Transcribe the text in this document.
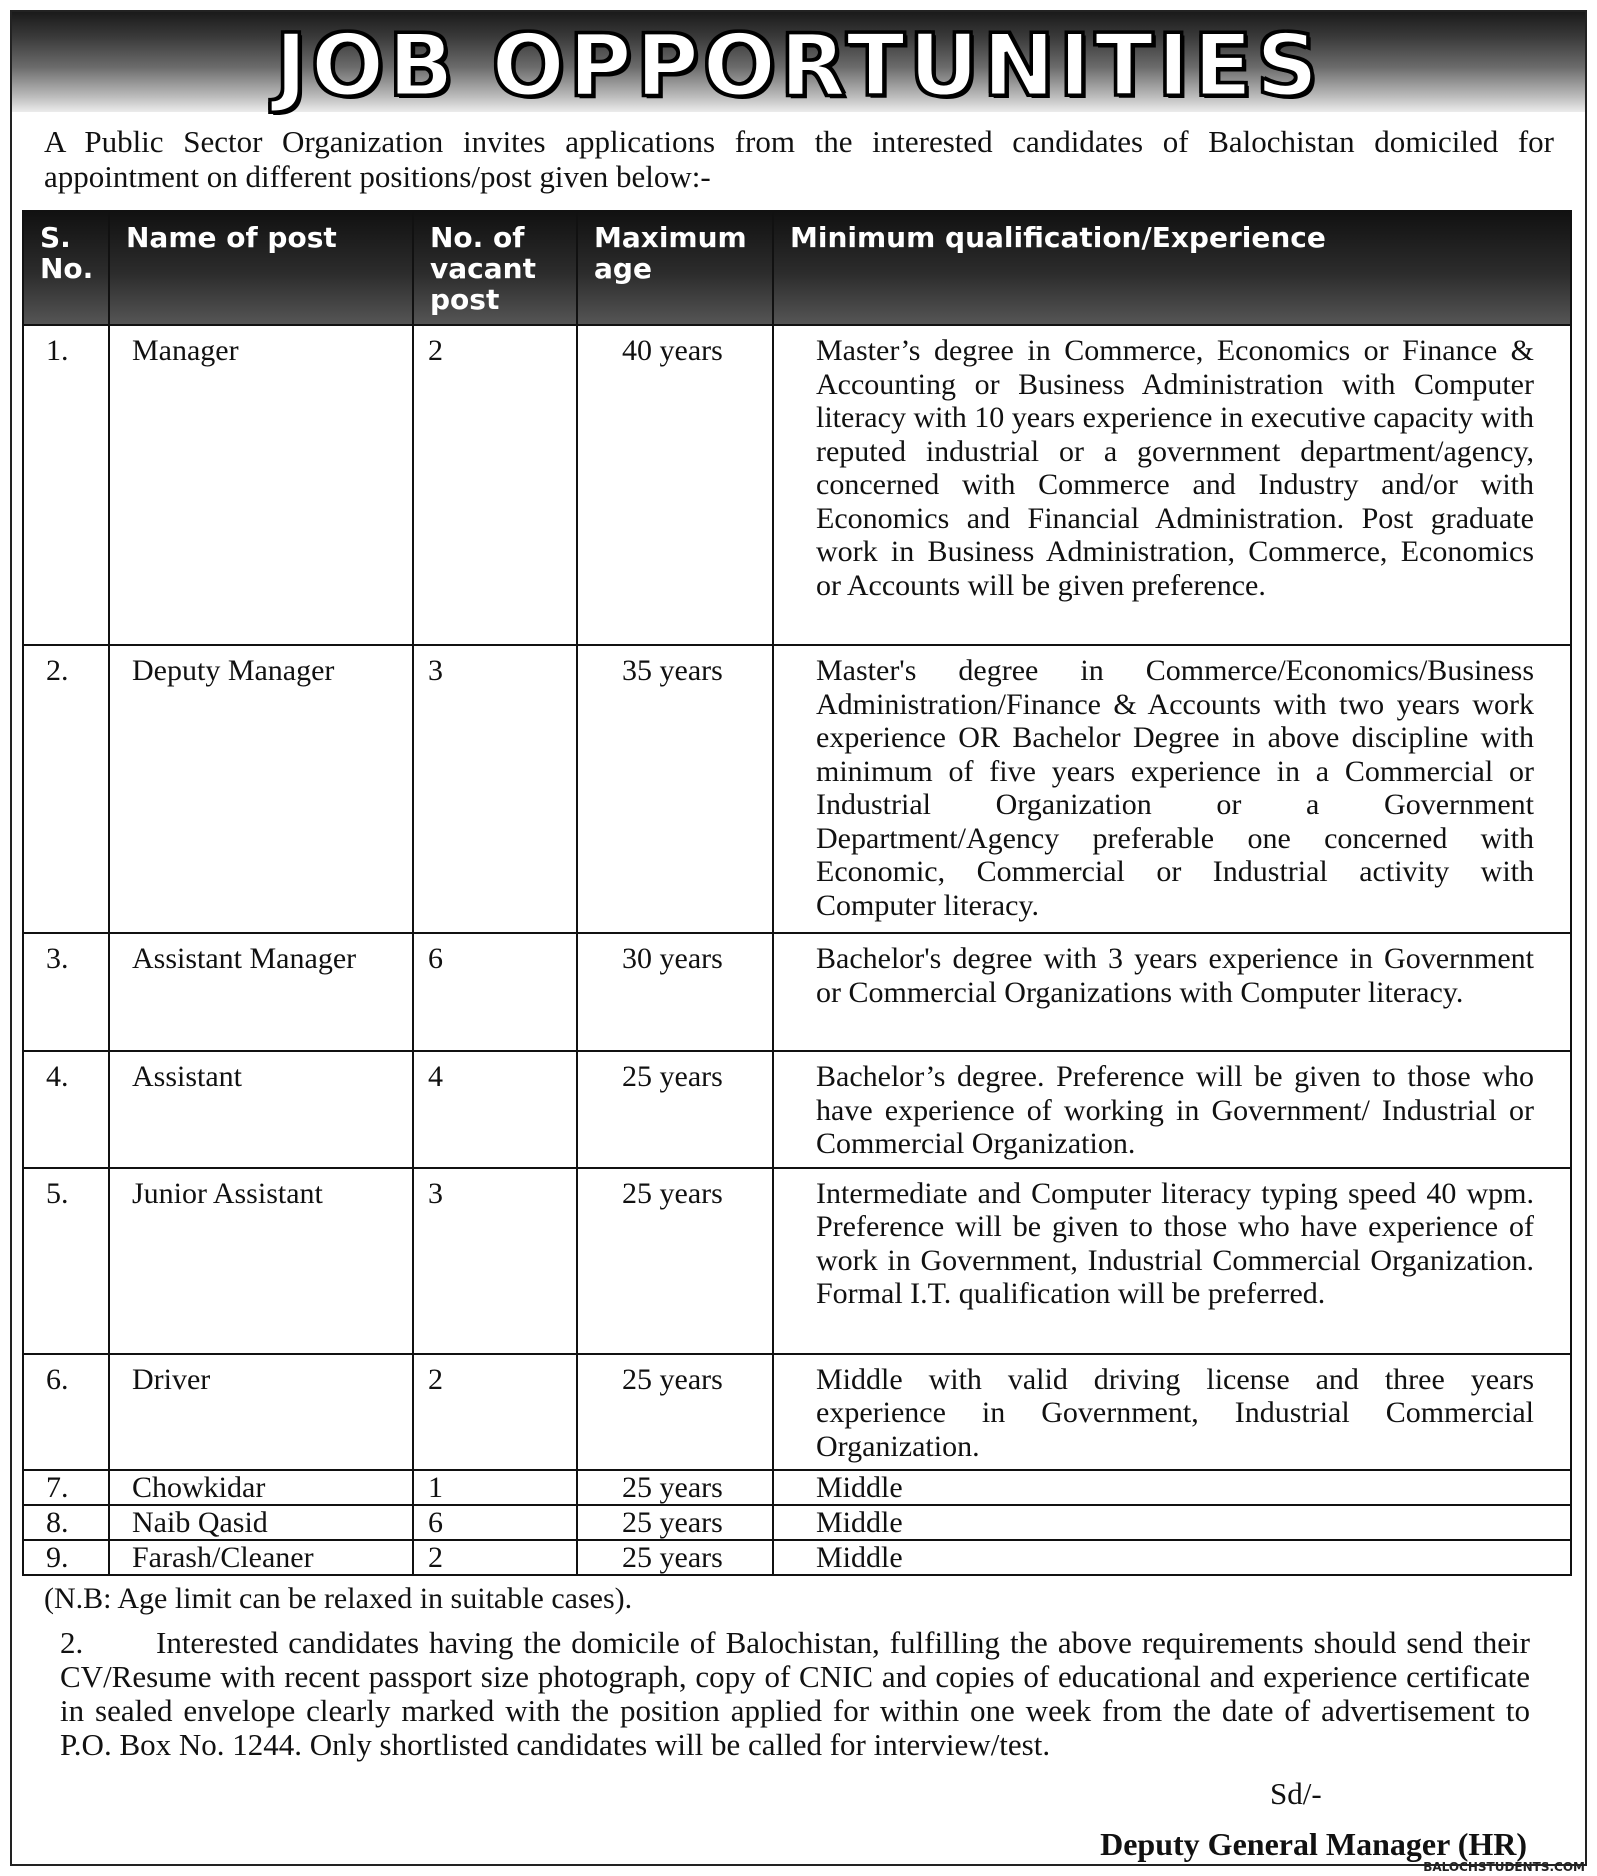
JOB OPPORTUNITIES
A Public Sector Organization invites applications from the interested candidates of Balochistan domiciled for appointment on different positions/post given below:-
S. No.	Name of post	No. of vacant post	Maximum age	Minimum qualification/Experience
1.	Manager	2	40 years	Master’s degree in Commerce, Economics or Finance & Accounting or Business Administration with Computer literacy with 10 years experience in executive capacity with reputed industrial or a government department/agency, concerned with Commerce and Industry and/or with Economics and Financial Administration. Post graduate work in Business Administration, Commerce, Economics or Accounts will be given preference.
2.	Deputy Manager	3	35 years	Master's degree in Commerce/Economics/Business Administration/Finance & Accounts with two years work experience OR Bachelor Degree in above discipline with minimum of five years experience in a Commercial or Industrial Organization or a Government Department/Agency preferable one concerned with Economic, Commercial or Industrial activity with Computer literacy.
3.	Assistant Manager	6	30 years	Bachelor's degree with 3 years experience in Government or Commercial Organizations with Computer literacy.
4.	Assistant	4	25 years	Bachelor’s degree. Preference will be given to those who have experience of working in Government/ Industrial or Commercial Organization.
5.	Junior Assistant	3	25 years	Intermediate and Computer literacy typing speed 40 wpm. Preference will be given to those who have experience of work in Government, Industrial Commercial Organization. Formal I.T. qualification will be preferred.
6.	Driver	2	25 years	Middle with valid driving license and three years experience in Government, Industrial Commercial Organization.
7.	Chowkidar	1	25 years	Middle
8.	Naib Qasid	6	25 years	Middle
9.	Farash/Cleaner	2	25 years	Middle
(N.B: Age limit can be relaxed in suitable cases).
2. Interested candidates having the domicile of Balochistan, fulfilling the above requirements should send their CV/Resume with recent passport size photograph, copy of CNIC and copies of educational and experience certificate in sealed envelope clearly marked with the position applied for within one week from the date of advertisement to P.O. Box No. 1244. Only shortlisted candidates will be called for interview/test.
Sd/-
Deputy General Manager (HR)
BALOCHSTUDENTS.COM
